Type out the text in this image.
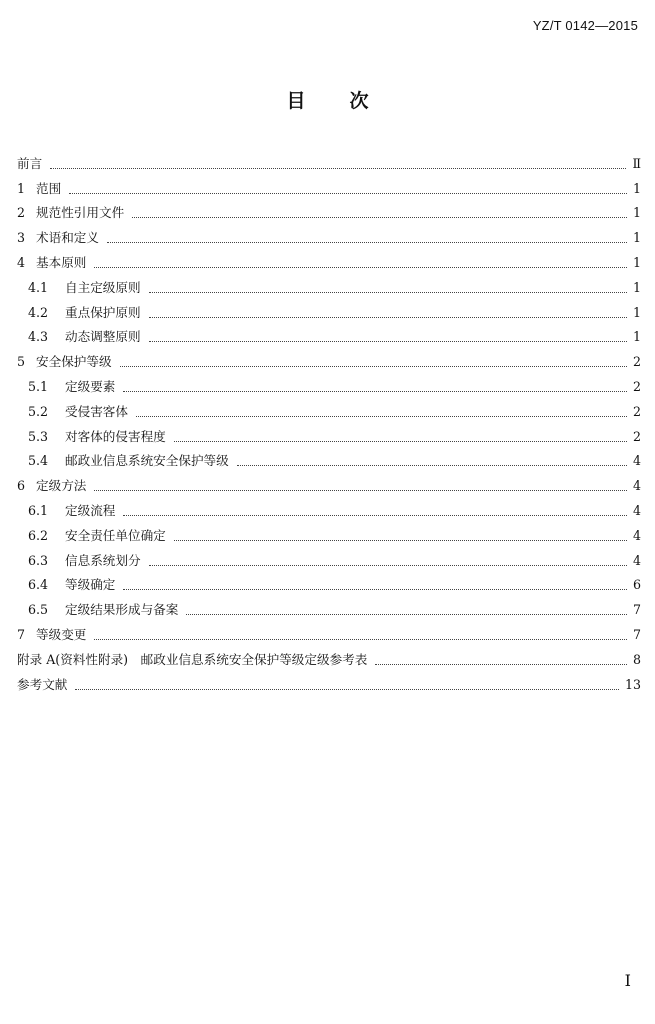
YZ/T 0142—2015
目 次
前言	Ⅱ
1 范围	1
2 规范性引用文件	1
3 术语和定义	1
4 基本原则	1
4.1	自主定级原则	1
4.2	重点保护原则	1
4.3	动态调整原则	1
5 安全保护等级	2
5.1	定级要素	2
5.2	受侵害客体	2
5.3	对客体的侵害程度	2
5.4	邮政业信息系统安全保护等级	4
6 定级方法	4
6.1	定级流程	4
6.2	安全责任单位确定	4
6.3	信息系统划分	4
6.4	等级确定	6
6.5	定级结果形成与备案	7
7 等级变更	7
附录 A(资料性附录)　邮政业信息系统安全保护等级定级参考表	8
参考文献	13
I
